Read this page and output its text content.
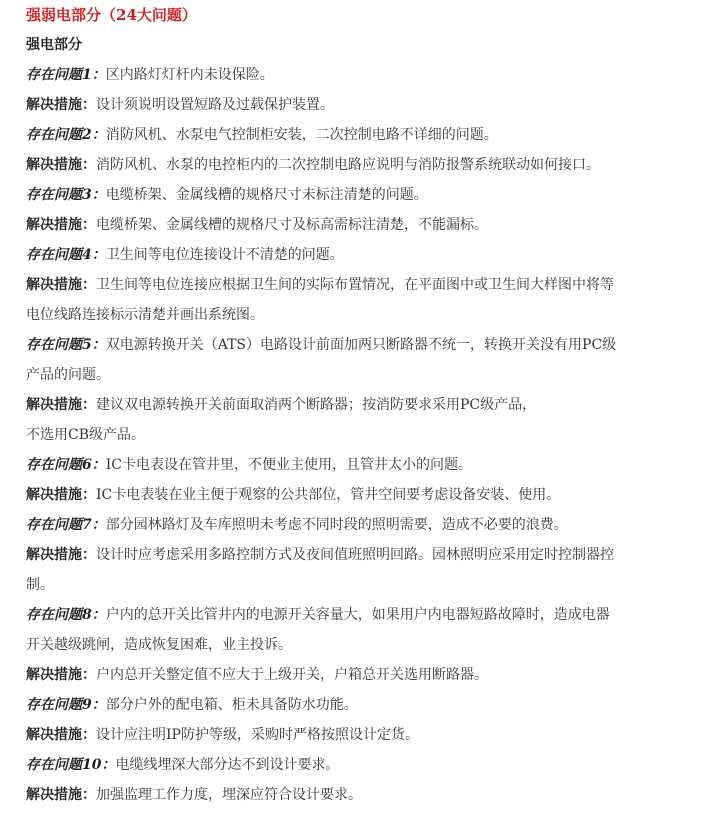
强弱电部分（24大问题）
强电部分
存在问题1：区内路灯灯杆内未设保险。
解决措施：设计须说明设置短路及过载保护装置。
存在问题2：消防风机、水泵电气控制柜安装，二次控制电路不详细的问题。
解决措施：消防风机、水泵的电控柜内的二次控制电路应说明与消防报警系统联动如何接口。
存在问题3：电缆桥架、金属线槽的规格尺寸未标注清楚的问题。
解决措施：电缆桥架、金属线槽的规格尺寸及标高需标注清楚，不能漏标。
存在问题4：卫生间等电位连接设计不清楚的问题。
解决措施：卫生间等电位连接应根据卫生间的实际布置情况，在平面图中或卫生间大样图中将等
电位线路连接标示清楚并画出系统图。
存在问题5：双电源转换开关（ATS）电路设计前面加两只断路器不统一，转换开关没有用PC级
产品的问题。
解决措施：建议双电源转换开关前面取消两个断路器；按消防要求采用PC级产品，
不选用CB级产品。
存在问题6：IC卡电表设在管井里，不便业主使用，且管井太小的问题。
解决措施：IC卡电表装在业主便于观察的公共部位，管井空间要考虑设备安装、使用。
存在问题7：部分园林路灯及车库照明未考虑不同时段的照明需要，造成不必要的浪费。
解决措施：设计时应考虑采用多路控制方式及夜间值班照明回路。园林照明应采用定时控制器控
制。
存在问题8：户内的总开关比管井内的电源开关容量大，如果用户内电器短路故障时，造成电器
开关越级跳闸，造成恢复困难，业主投诉。
解决措施：户内总开关整定值不应大于上级开关，户箱总开关选用断路器。
存在问题9：部分户外的配电箱、柜未具备防水功能。
解决措施：设计应注明IP防护等级，采购时严格按照设计定货。
存在问题10：电缆线埋深大部分达不到设计要求。
解决措施：加强监理工作力度，埋深应符合设计要求。
